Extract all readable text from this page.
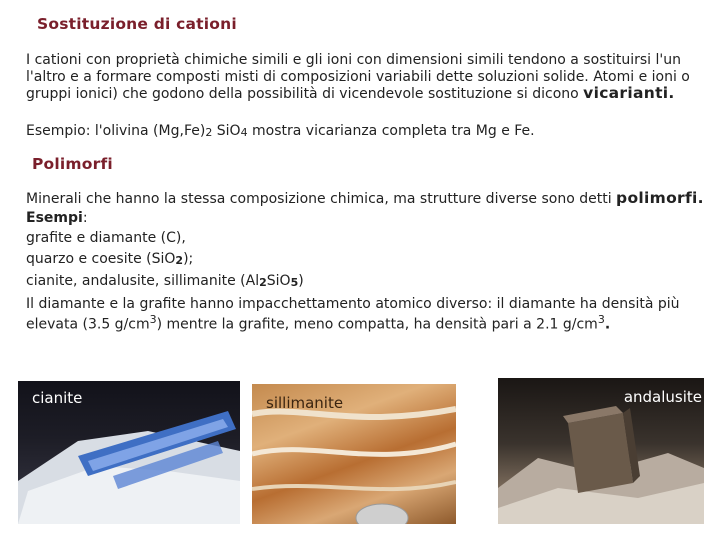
Sostituzione di cationi

I cationi con proprietà chimiche simili e gli ioni con dimensioni simili tendono a sostituirsi l'un l'altro e a formare composti misti di composizioni variabili dette soluzioni solide. Atomi e ioni o gruppi ionici) che godono della possibilità di vicendevole sostituzione si dicono vicarianti.

Esempio: l'olivina $(Mg,Fe)_2$ SiO$_4$ mostra vicarianza completa tra Mg e Fe.

Polimorfi
Minerali che hanno la stessa composizione chimica, ma strutture diverse sono detti polimorfi.
Esempi:
grafite e diamante (C),
quarzo e coesite (SiO$_2$);
cianite, andalusite, sillimanite $(Al_2SiO_5)$
Il diamante e la grafite hanno impacchettamento atomico diverso: il diamante ha densità più elevata (3.5 $g/cm^3$) mentre la grafite, meno compatta, ha densità pari a 2.1 $g/cm^3$.
cianite	sillimanite	andalusite
